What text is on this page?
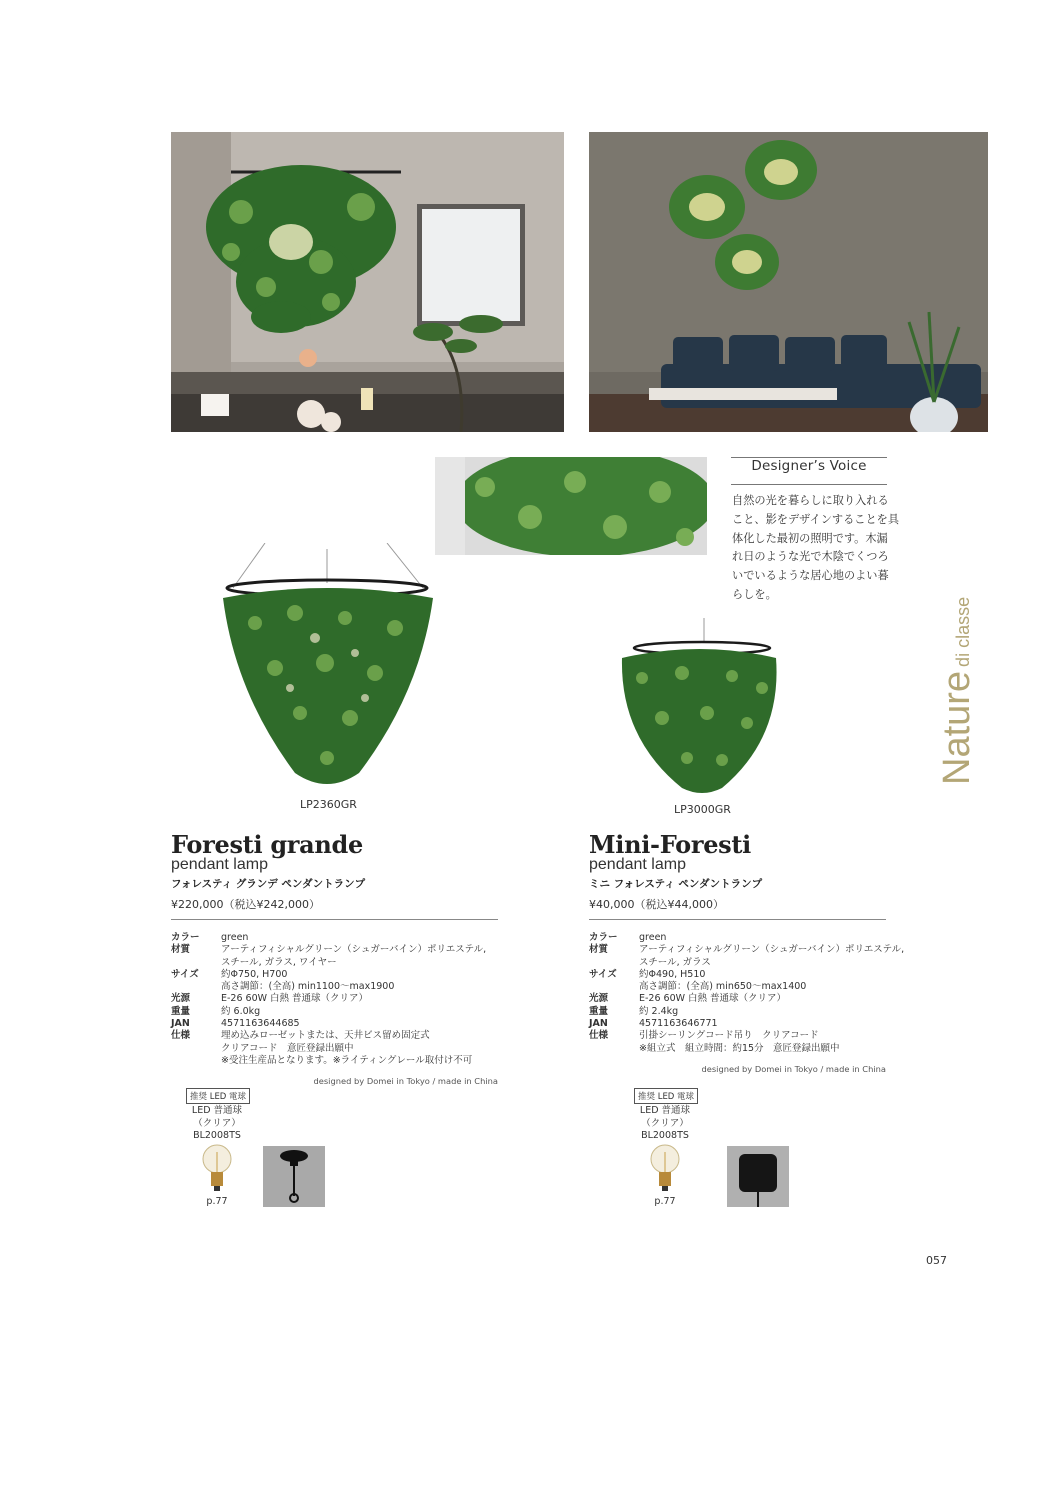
Designer’s Voice
自然の光を暮らしに取り入れる
こと、影をデザインすることを具
体化した最初の照明です。木漏
れ日のような光で木陰でくつろ
いでいるような居心地のよい暮
らしを。
Naturedi classe
LP2360GR	LP3000GR
Foresti grande
pendant lamp
フォレスティ グランデ ペンダントランプ
¥220,000（税込¥242,000）
カラー	green
材質	アーティフィシャルグリーン（シュガーバイン）ポリエステル,
スチール, ガラス, ワイヤー
サイズ	約Φ750, H700
高さ調節：(全高) min1100〜max1900
光源	E-26 60W 白熱 普通球（クリア）
重量	約 6.0kg
JAN	4571163644685
仕様	埋め込みローゼットまたは、天井ビス留め固定式
クリアコード　意匠登録出願中
※受注生産品となります。※ライティングレール取付け不可
designed by Domei in Tokyo / made in China
推奨 LED 電球
LED 普通球
（クリア）
BL2008TS
p.77
Mini-Foresti
pendant lamp
ミニ フォレスティ ペンダントランプ
¥40,000（税込¥44,000）
カラー	green
材質	アーティフィシャルグリーン（シュガーバイン）ポリエステル,
スチール, ガラス
サイズ	約Φ490, H510
高さ調節：(全高) min650〜max1400
光源	E-26 60W 白熱 普通球（クリア）
重量	約 2.4kg
JAN	4571163646771
仕様	引掛シーリングコード吊り　クリアコード
※組立式　組立時間：約15分　意匠登録出願中
designed by Domei in Tokyo / made in China
推奨 LED 電球
LED 普通球
（クリア）
BL2008TS
p.77
057
